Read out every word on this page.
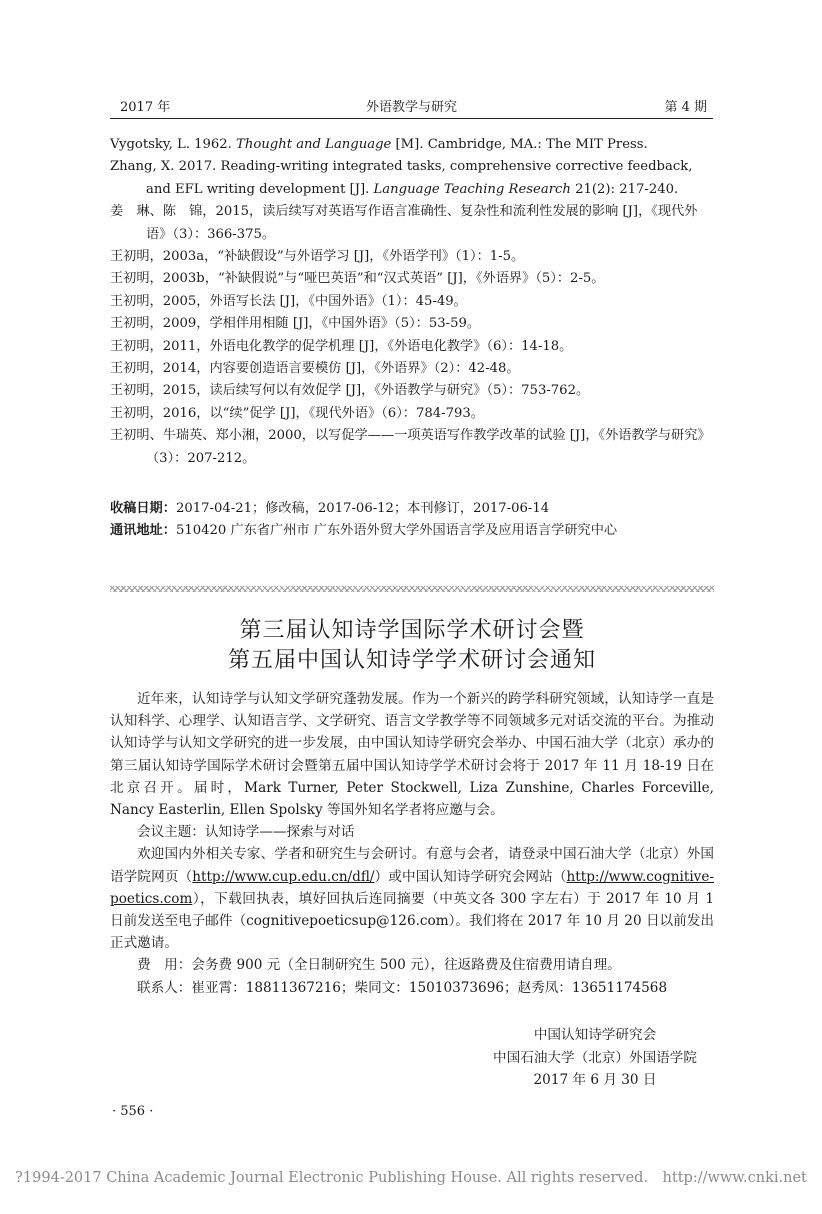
外语教学与研究
2017 年	第 4 期
Vygotsky, L. 1962. Thought and Language [M]. Cambridge, MA.: The MIT Press.
Zhang, X. 2017. Reading-writing integrated tasks, comprehensive corrective feedback, and EFL writing development [J]. Language Teaching Research 21(2): 217-240.
姜　琳、陈　锦，2015，读后续写对英语写作语言准确性、复杂性和流利性发展的影响 [J]，《现代外语》（3）：366-375。
王初明，2003a，“补缺假设”与外语学习 [J]，《外语学刊》（1）：1-5。
王初明，2003b，“补缺假说”与“哑巴英语”和“汉式英语” [J]，《外语界》（5）：2-5。
王初明，2005，外语写长法 [J]，《中国外语》（1）：45-49。
王初明，2009，学相伴用相随 [J]，《中国外语》（5）：53-59。
王初明，2011，外语电化教学的促学机理 [J]，《外语电化教学》（6）：14-18。
王初明，2014，内容要创造语言要模仿 [J]，《外语界》（2）：42-48。
王初明，2015，读后续写何以有效促学 [J]，《外语教学与研究》（5）：753-762。
王初明，2016，以“续”促学 [J]，《现代外语》（6）：784-793。
王初明、牛瑞英、郑小湘，2000，以写促学——一项英语写作教学改革的试验 [J]，《外语教学与研究》（3）：207-212。
收稿日期：2017-04-21；修改稿，2017-06-12；本刊修订，2017-06-14
通讯地址：510420 广东省广州市 广东外语外贸大学外国语言学及应用语言学研究中心
第三届认知诗学国际学术研讨会暨
第五届中国认知诗学学术研讨会通知

近年来，认知诗学与认知文学研究蓬勃发展。作为一个新兴的跨学科研究领域，认知诗学一直是认知科学、心理学、认知语言学、文学研究、语言文学教学等不同领域多元对话交流的平台。为推动认知诗学与认知文学研究的进一步发展，由中国认知诗学研究会举办、中国石油大学（北京）承办的第三届认知诗学国际学术研讨会暨第五届中国认知诗学学术研讨会将于 2017 年 11 月 18-19 日在北京召开。届时，Mark Turner, Peter Stockwell, Liza Zunshine, Charles Forceville, Nancy Easterlin, Ellen Spolsky 等国外知名学者将应邀与会。

会议主题：认知诗学——探索与对话

欢迎国内外相关专家、学者和研究生与会研讨。有意与会者，请登录中国石油大学（北京）外国语学院网页（http://www.cup.edu.cn/dfl/）或中国认知诗学研究会网站（http://www.cognitive-poetics.com），下载回执表，填好回执后连同摘要（中英文各 300 字左右）于 2017 年 10 月 1 日前发送至电子邮件（cognitivepoeticsup@126.com）。我们将在 2017 年 10 月 20 日以前发出正式邀请。

费　用：会务费 900 元（全日制研究生 500 元），往返路费及住宿费用请自理。

联系人：崔亚霄：18811367216；柴同文：15010373696；赵秀凤：13651174568

中国认知诗学研究会
中国石油大学（北京）外国语学院
2017 年 6 月 30 日
· 556 ·
?1994-2017 China Academic Journal Electronic Publishing House. All rights reserved.　http://www.cnki.net
